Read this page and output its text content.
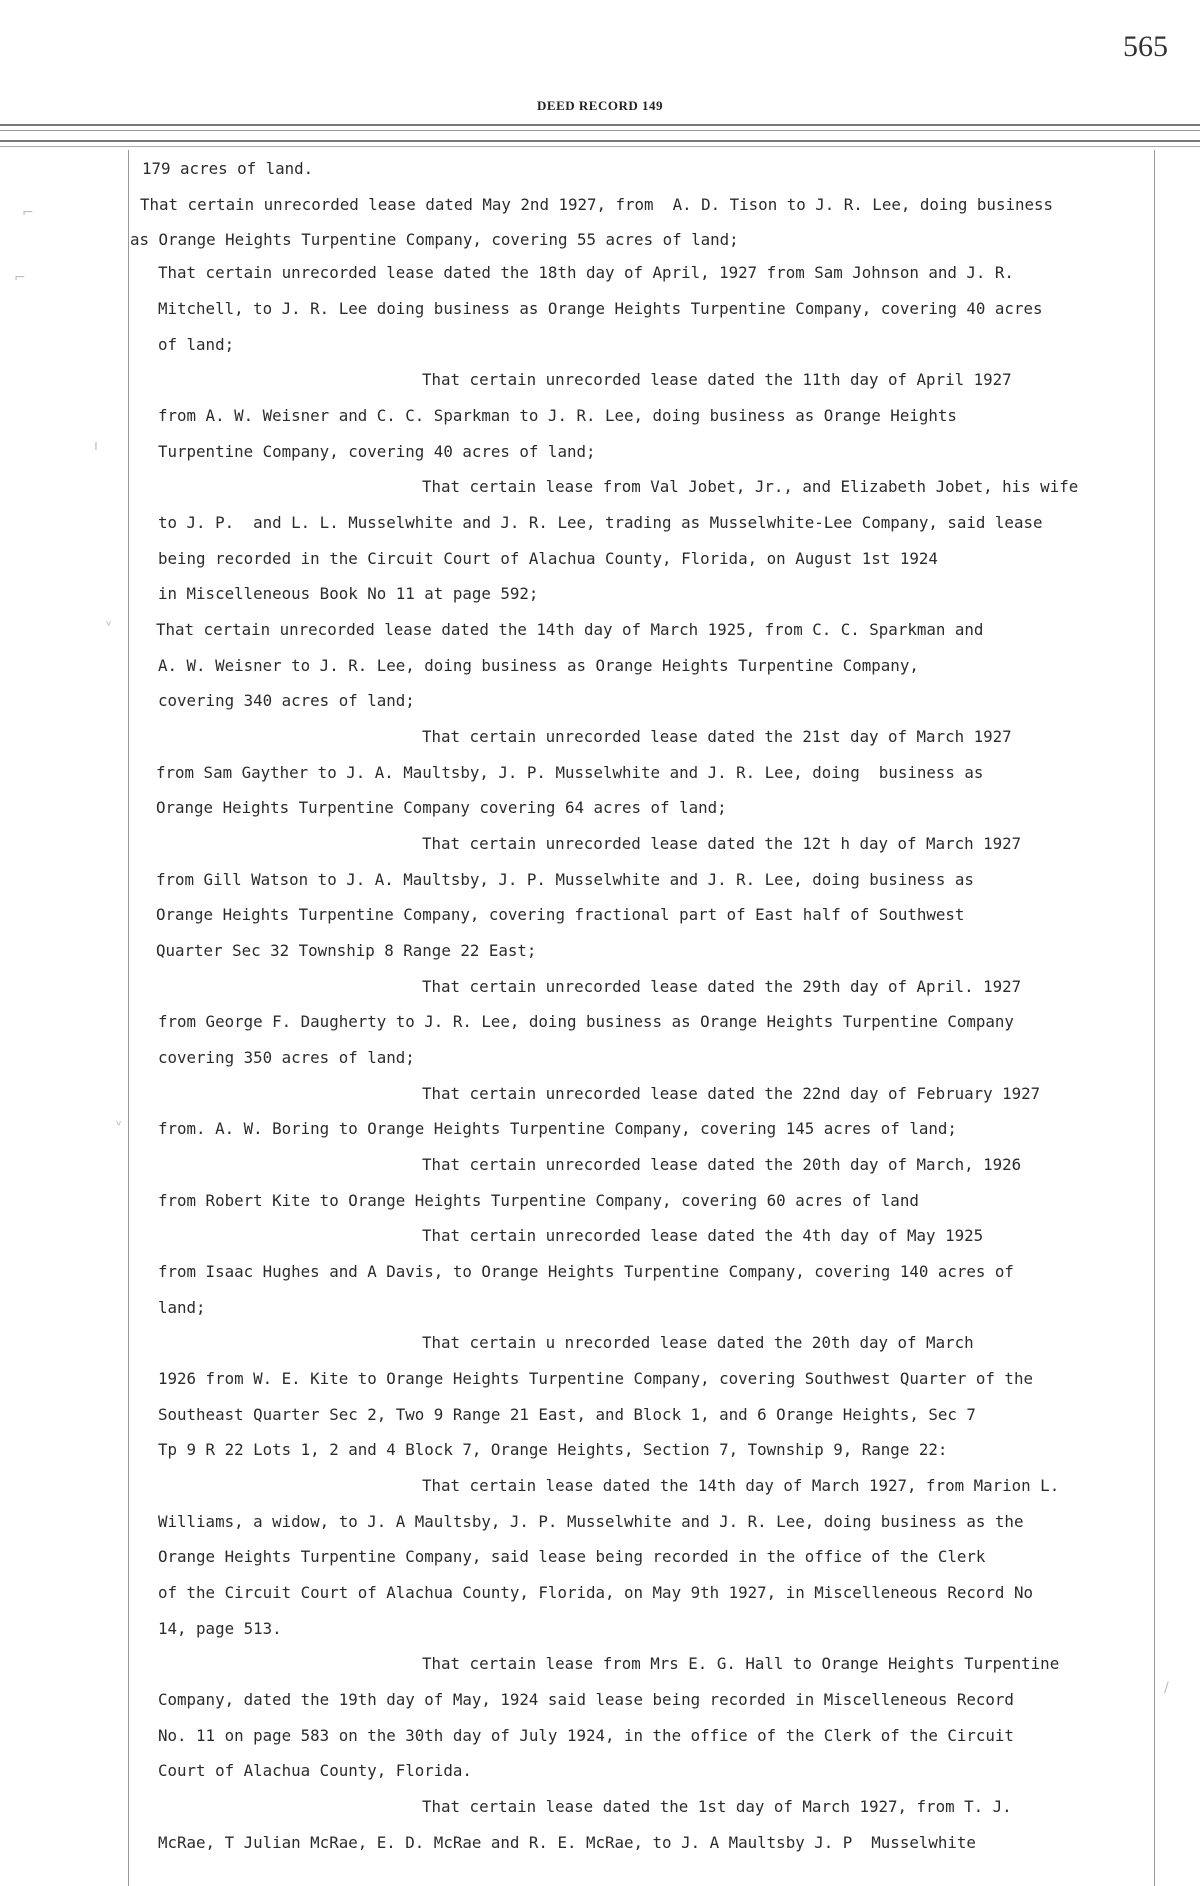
565
DEED RECORD 149
⌐
⌐
ı
ᵛ
ᵛ
/

179 acres of land.

That certain unrecorded lease dated May 2nd 1927, from  A. D. Tison to J. R. Lee, doing business

as Orange Heights Turpentine Company, covering 55 acres of land;

That certain unrecorded lease dated the 18th day of April, 1927 from Sam Johnson and J. R.

Mitchell, to J. R. Lee doing business as Orange Heights Turpentine Company, covering 40 acres

of land;

That certain unrecorded lease dated the 11th day of April 1927

from A. W. Weisner and C. C. Sparkman to J. R. Lee, doing business as Orange Heights

Turpentine Company, covering 40 acres of land;

That certain lease from Val Jobet, Jr., and Elizabeth Jobet, his wife

to J. P.  and L. L. Musselwhite and J. R. Lee, trading as Musselwhite-Lee Company, said lease

being recorded in the Circuit Court of Alachua County, Florida, on August 1st 1924

in Miscelleneous Book No 11 at page 592;

That certain unrecorded lease dated the 14th day of March 1925, from C. C. Sparkman and

A. W. Weisner to J. R. Lee, doing business as Orange Heights Turpentine Company,

covering 340 acres of land;

That certain unrecorded lease dated the 21st day of March 1927

from Sam Gayther to J. A. Maultsby, J. P. Musselwhite and J. R. Lee, doing  business as

Orange Heights Turpentine Company covering 64 acres of land;

That certain unrecorded lease dated the 12t h day of March 1927

from Gill Watson to J. A. Maultsby, J. P. Musselwhite and J. R. Lee, doing business as

Orange Heights Turpentine Company, covering fractional part of East half of Southwest

Quarter Sec 32 Township 8 Range 22 East;

That certain unrecorded lease dated the 29th day of April. 1927

from George F. Daugherty to J. R. Lee, doing business as Orange Heights Turpentine Company

covering 350 acres of land;

That certain unrecorded lease dated the 22nd day of February 1927

from. A. W. Boring to Orange Heights Turpentine Company, covering 145 acres of land;

That certain unrecorded lease dated the 20th day of March, 1926

from Robert Kite to Orange Heights Turpentine Company, covering 60 acres of land

That certain unrecorded lease dated the 4th day of May 1925

from Isaac Hughes and A Davis, to Orange Heights Turpentine Company, covering 140 acres of

land;

That certain u nrecorded lease dated the 20th day of March

1926 from W. E. Kite to Orange Heights Turpentine Company, covering Southwest Quarter of the

Southeast Quarter Sec 2, Two 9 Range 21 East, and Block 1, and 6 Orange Heights, Sec 7

Tp 9 R 22 Lots 1, 2 and 4 Block 7, Orange Heights, Section 7, Township 9, Range 22:

That certain lease dated the 14th day of March 1927, from Marion L.

Williams, a widow, to J. A Maultsby, J. P. Musselwhite and J. R. Lee, doing business as the

Orange Heights Turpentine Company, said lease being recorded in the office of the Clerk

of the Circuit Court of Alachua County, Florida, on May 9th 1927, in Miscelleneous Record No

14, page 513.

That certain lease from Mrs E. G. Hall to Orange Heights Turpentine

Company, dated the 19th day of May, 1924 said lease being recorded in Miscelleneous Record

No. 11 on page 583 on the 30th day of July 1924, in the office of the Clerk of the Circuit

Court of Alachua County, Florida.

That certain lease dated the 1st day of March 1927, from T. J.

McRae, T Julian McRae, E. D. McRae and R. E. McRae, to J. A Maultsby J. P  Musselwhite
